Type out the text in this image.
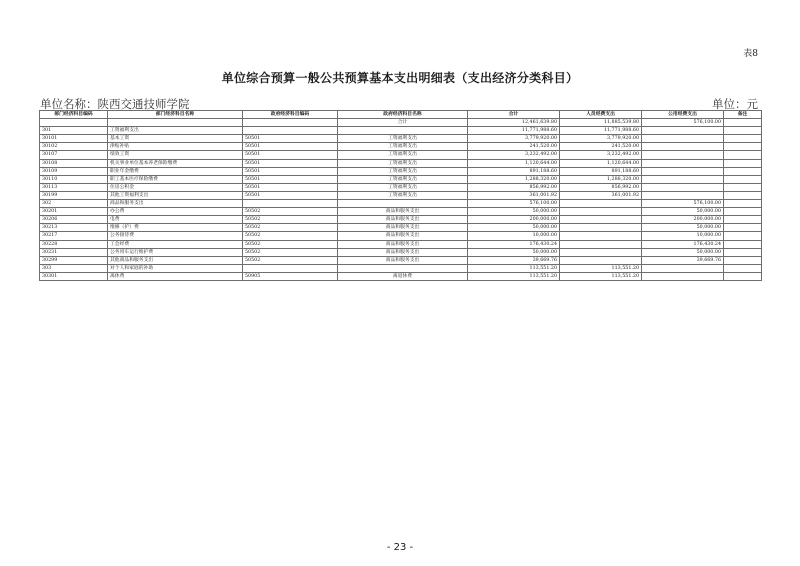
表8
单位综合预算一般公共预算基本支出明细表（支出经济分类科目）
单位名称：陕西交通技师学院	单位：元
部门经济科目编码	部门经济科目名称	政府经济科目编码	政府经济科目名称	合计	人员经费支出	公用经费支出	备注
			合计	12,461,639.80	11,885,539.80	576,100.00	
301	工资福利支出			11,771,988.60	11,771,988.60		
30101	基本工资	50501	工资福利支出	3,779,920.00	3,779,920.00		
30102	津贴补贴	50501	工资福利支出	241,520.00	241,520.00		
30107	绩效工资	50501	工资福利支出	3,232,492.00	3,232,492.00		
30108	机关事业单位基本养老保险缴费	50501	工资福利支出	1,120,644.00	1,120,644.00		
30109	职业年金缴费	50501	工资福利支出	891,188.60	891,188.60		
30110	职工基本医疗保险缴费	50501	工资福利支出	1,288,320.00	1,288,320.00		
30113	住房公积金	50501	工资福利支出	856,992.00	856,992.00		
30199	其他工资福利支出	50501	工资福利支出	361,001.92	361,001.92		
302	商品和服务支出			576,100.00		576,100.00	
30201	办公费	50502	商品和服务支出	50,000.00		50,000.00	
30206	电费	50502	商品和服务支出	200,000.00		200,000.00	
30213	维修（护）费	50502	商品和服务支出	50,000.00		50,000.00	
30217	公务接待费	50502	商品和服务支出	10,000.00		10,000.00	
30228	工会经费	50502	商品和服务支出	176,430.24		176,430.24	
30231	公务用车运行维护费	50502	商品和服务支出	50,000.00		50,000.00	
30299	其他商品和服务支出	50502	商品和服务支出	39,669.76		39,669.76	
303	对个人和家庭的补助			113,551.20	113,551.20		
30301	离休费	50905	离退休费	113,551.20	113,551.20		
- 23 -
